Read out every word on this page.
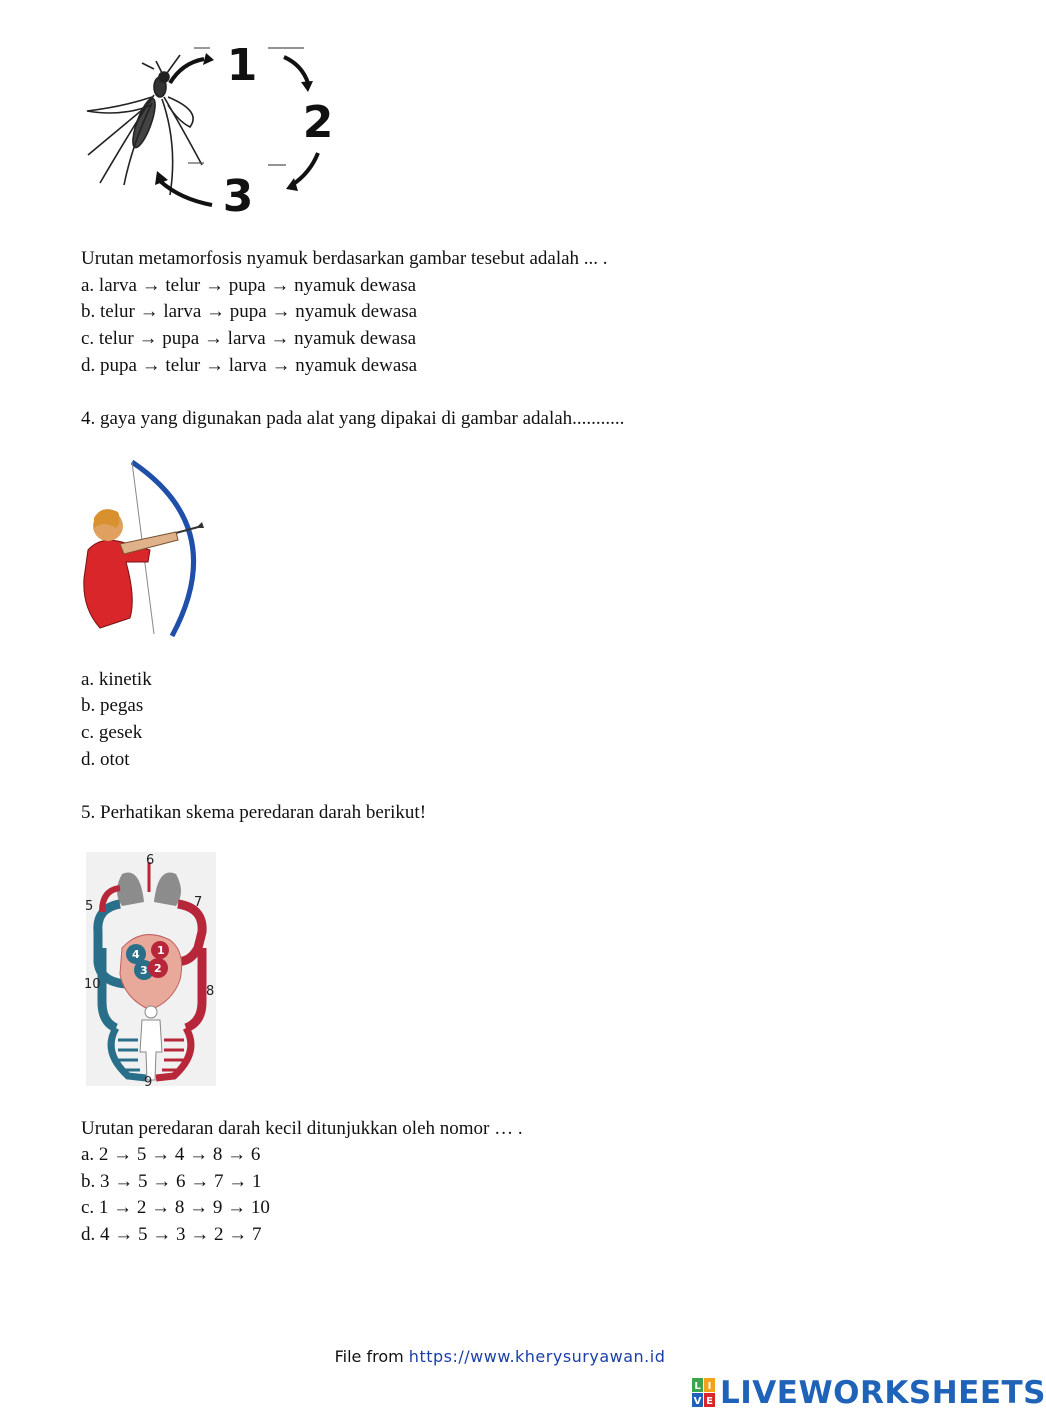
1
2
3
Urutan metamorfosis nyamuk berdasarkan gambar tesebut adalah ... .
a. larva → telur → pupa → nyamuk dewasa
b. telur → larva → pupa → nyamuk dewasa
c. telur → pupa → larva → nyamuk dewasa
d. pupa → telur → larva → nyamuk dewasa
4. gaya yang digunakan pada alat yang dipakai di gambar adalah...........
a. kinetik
b. pegas
c. gesek
d. otot
5. Perhatikan skema peredaran darah berikut!
6
5	7
10	8
9
1
2
3
4
Urutan peredaran darah kecil ditunjukkan oleh nomor … .
a. 2 → 5 → 4 → 8 → 6
b. 3 → 5 → 6 → 7 → 1
c. 1 → 2 → 8 → 9 → 10
d. 4 → 5 → 3 → 2 → 7
File from https://www.kherysuryawan.id
L I
V E LIVEWORKSHEETS
